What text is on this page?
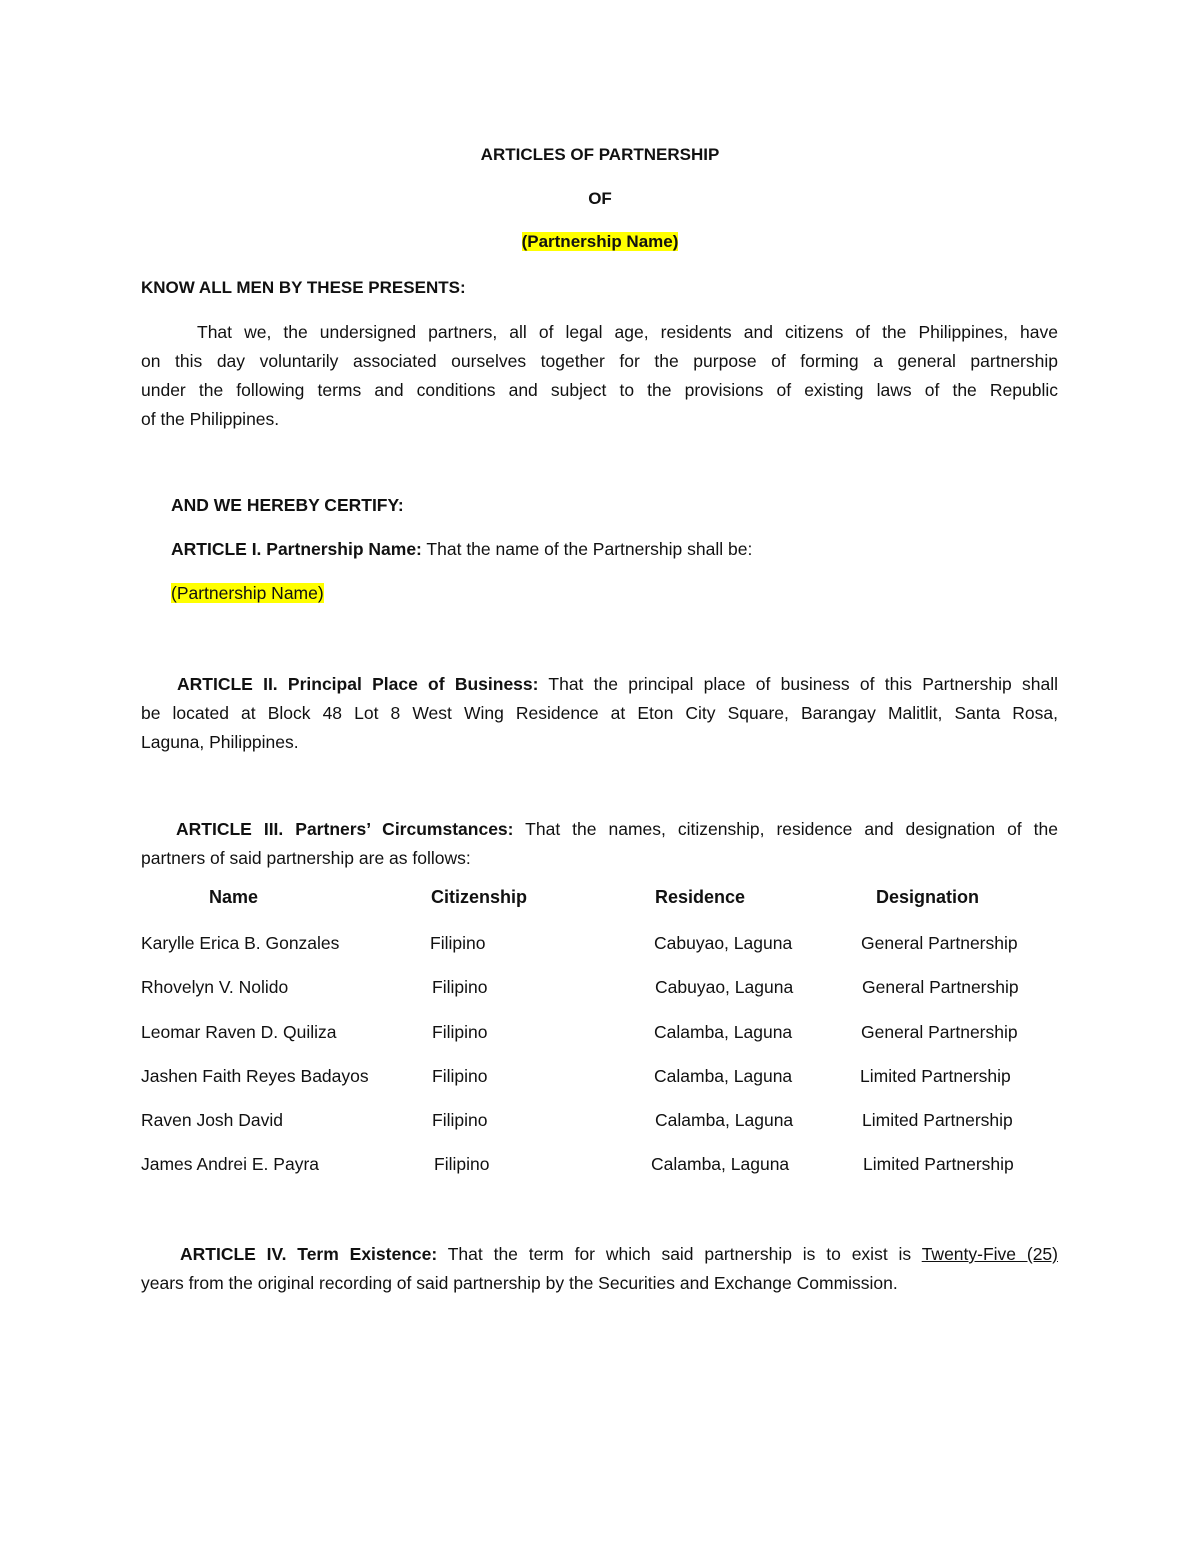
ARTICLES OF PARTNERSHIP
OF
(Partnership Name)
KNOW ALL MEN BY THESE PRESENTS:
That we, the undersigned partners, all of legal age, residents and citizens of the Philippines, have
on this day voluntarily associated ourselves together for the purpose of forming a general partnership
under the following terms and conditions and subject to the provisions of existing laws of the Republic
of the Philippines.
AND WE HEREBY CERTIFY:
ARTICLE I. Partnership Name: That the name of the Partnership shall be:
(Partnership Name)
ARTICLE II. Principal Place of Business: That the principal place of business of this Partnership shall
be located at Block 48 Lot 8 West Wing Residence at Eton City Square, Barangay Malitlit, Santa Rosa,
Laguna, Philippines.
ARTICLE III. Partners’ Circumstances: That the names, citizenship, residence and designation of the
partners of said partnership are as follows:
Name	Citizenship	Residence	Designation
Karylle Erica B. Gonzales	Filipino	Cabuyao, Laguna	General Partnership
Rhovelyn V. Nolido	Filipino	Cabuyao, Laguna	General Partnership
Leomar Raven D. Quiliza	Filipino	Calamba, Laguna	General Partnership
Jashen Faith Reyes Badayos	Filipino	Calamba, Laguna	Limited Partnership
Raven Josh David	Filipino	Calamba, Laguna	Limited Partnership
James Andrei E. Payra	Filipino	Calamba, Laguna	Limited Partnership
ARTICLE IV. Term Existence: That the term for which said partnership is to exist is Twenty-Five (25)
years from the original recording of said partnership by the Securities and Exchange Commission.
